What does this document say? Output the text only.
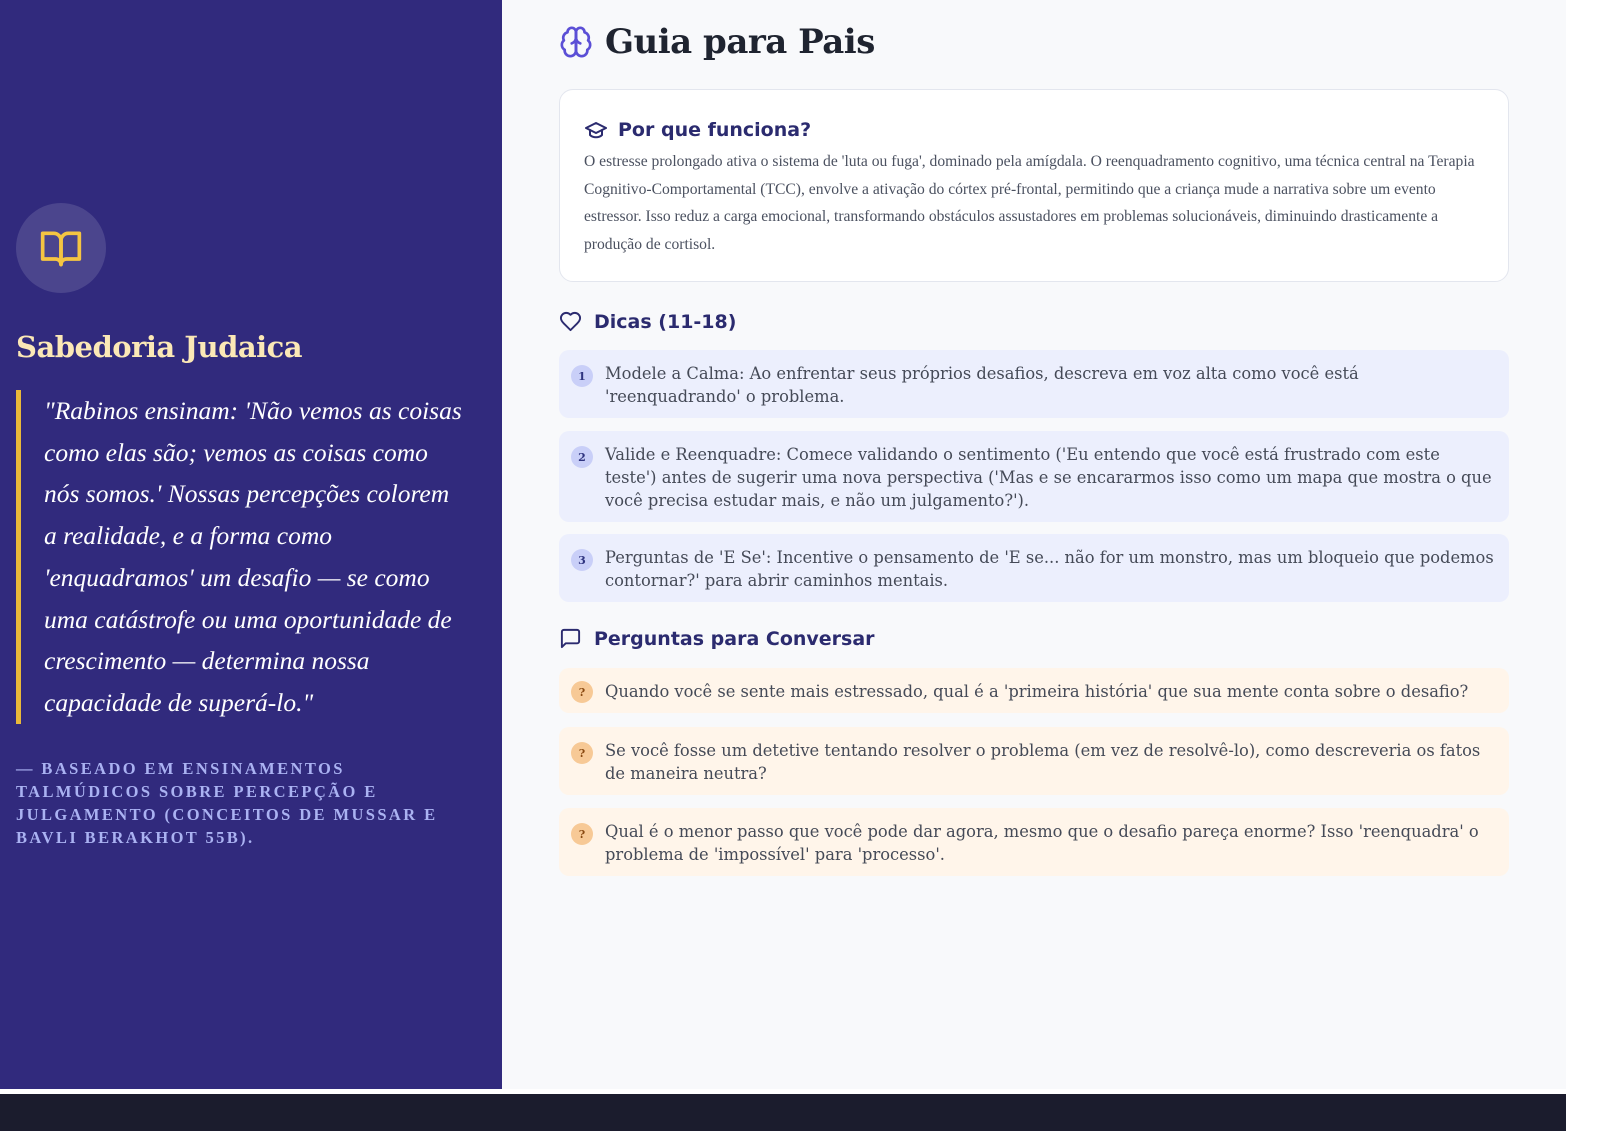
Sabedoria Judaica
"Rabinos ensinam: 'Não vemos as coisas como elas são; vemos as coisas como nós somos.' Nossas percepções colorem a realidade, e a forma como 'enquadramos' um desafio — se como uma catástrofe ou uma oportunidade de crescimento — determina nossa capacidade de superá-lo."

— BASEADO EM ENSINAMENTOS TALMÚDICOS SOBRE PERCEPÇÃO E JULGAMENTO (CONCEITOS DE MUSSAR E BAVLI BERAKHOT 55B).

Guia para Pais
Por que funciona?

O estresse prolongado ativa o sistema de 'luta ou fuga', dominado pela amígdala. O reenquadramento cognitivo, uma técnica central na Terapia Cognitivo-Comportamental (TCC), envolve a ativação do córtex pré-frontal, permitindo que a criança mude a narrativa sobre um evento estressor. Isso reduz a carga emocional, transformando obstáculos assustadores em problemas solucionáveis, diminuindo drasticamente a produção de cortisol.

Dicas (11-18)
1	Modele a Calma: Ao enfrentar seus próprios desafios, descreva em voz alta como você está 'reenquadrando' o problema.
2	Valide e Reenquadre: Comece validando o sentimento ('Eu entendo que você está frustrado com este teste') antes de sugerir uma nova perspectiva ('Mas e se encararmos isso como um mapa que mostra o que você precisa estudar mais, e não um julgamento?').
3	Perguntas de 'E Se': Incentive o pensamento de 'E se... não for um monstro, mas um bloqueio que podemos contornar?' para abrir caminhos mentais.
Perguntas para Conversar
?	Quando você se sente mais estressado, qual é a 'primeira história' que sua mente conta sobre o desafio?
?	Se você fosse um detetive tentando resolver o problema (em vez de resolvê-lo), como descreveria os fatos de maneira neutra?
?	Qual é o menor passo que você pode dar agora, mesmo que o desafio pareça enorme? Isso 'reenquadra' o problema de 'impossível' para 'processo'.
